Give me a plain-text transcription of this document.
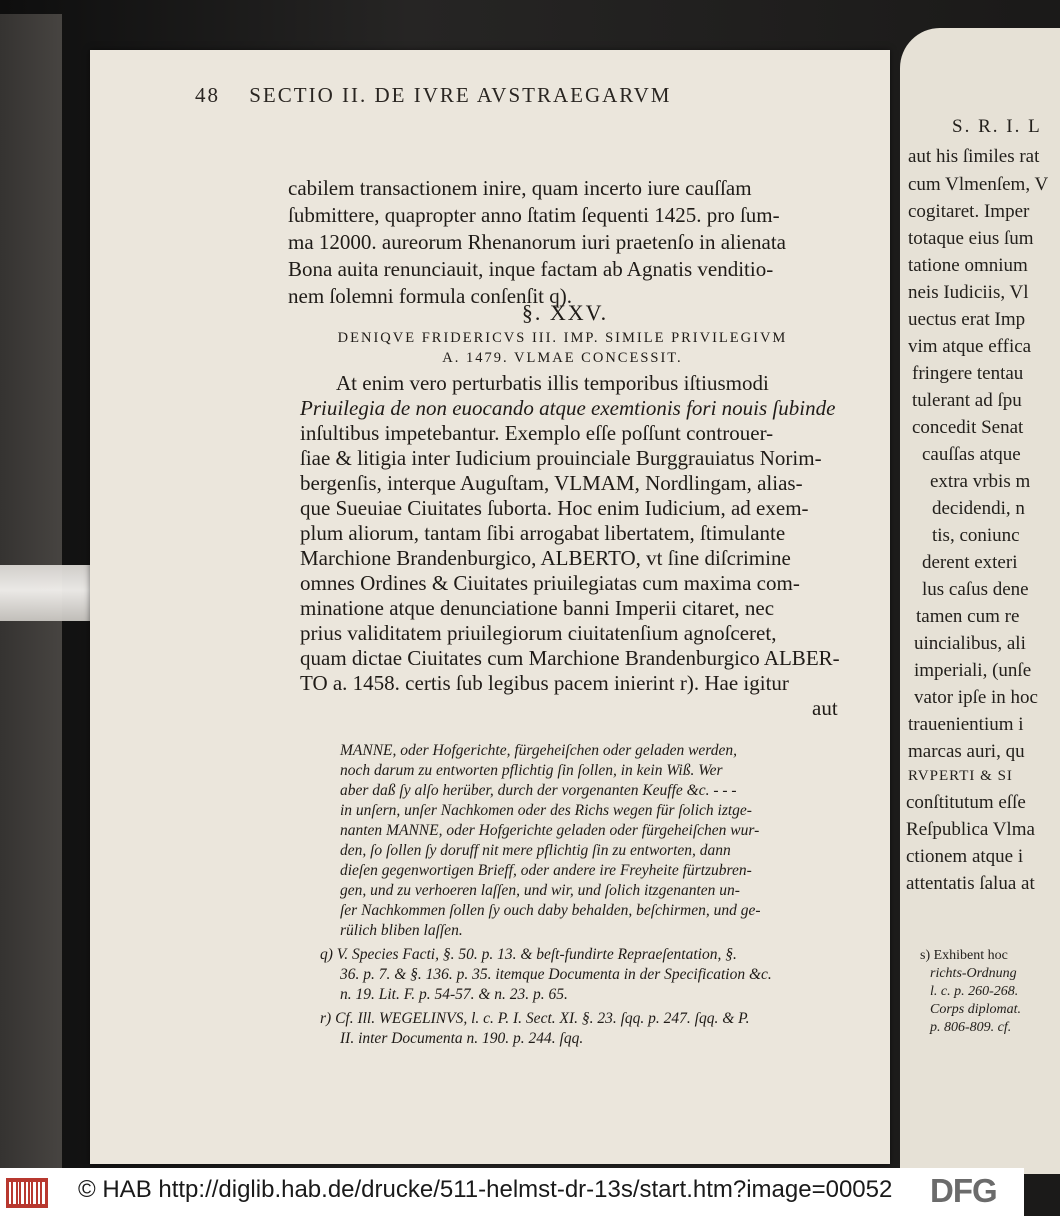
48 SECTIO II. DE IVRE AVSTRAEGARVM
cabilem transactionem inire, quam incerto iure cauſſam
ſubmittere, quapropter anno ſtatim ſequenti 1425. pro ſum-
ma 12000. aureorum Rhenanorum iuri praetenſo in alienata
Bona auita renunciauit, inque factam ab Agnatis venditio-
nem ſolemni formula conſenſit q).
§. XXV.
DENIQVE FRIDERICVS III. IMP. SIMILE PRIVILEGIVM
A. 1479. VLMAE CONCESSIT.
At enim vero perturbatis illis temporibus iſtiusmodi
Priuilegia de non euocando atque exemtionis fori nouis ſubinde
inſultibus impetebantur. Exemplo eſſe poſſunt controuer-
ſiae & litigia inter Iudicium prouinciale Burggrauiatus Norim-
bergenſis, interque Auguſtam, VLMAM, Nordlingam, alias-
que Sueuiae Ciuitates ſuborta. Hoc enim Iudicium, ad exem-
plum aliorum, tantam ſibi arrogabat libertatem, ſtimulante
Marchione Brandenburgico, ALBERTO, vt ſine diſcrimine
omnes Ordines & Ciuitates priuilegiatas cum maxima com-
minatione atque denunciatione banni Imperii citaret, nec
prius validitatem priuilegiorum ciuitatenſium agnoſceret,
quam dictae Ciuitates cum Marchione Brandenburgico ALBER-
TO a. 1458. certis ſub legibus pacem inierint r). Hae igitur
aut
MANNE, oder Hofgerichte, fürgeheiſchen oder geladen werden,
noch darum zu entworten pflichtig ſin ſollen, in kein Wiß. Wer
aber daß ſy alſo herüber, durch der vorgenanten Keuffe &c. - - -
in unſern, unſer Nachkomen oder des Richs wegen für ſolich iztge-
nanten MANNE, oder Hofgerichte geladen oder fürgeheiſchen wur-
den, ſo ſollen ſy doruff nit mere pflichtig ſin zu entworten, dann
dieſen gegenwortigen Brieff, oder andere ire Freyheite fürtzubren-
gen, und zu verhoeren laſſen, und wir, und ſolich itzgenanten un-
ſer Nachkommen ſollen ſy ouch daby behalden, beſchirmen, und ge-
rülich bliben laſſen.
q) V. Species Facti, §. 50. p. 13. & beſt-fundirte Repraeſentation, §.
36. p. 7. & §. 136. p. 35. itemque Documenta in der Specification &c.
n. 19. Lit. F. p. 54-57. & n. 23. p. 65.
r) Cf. Ill. WEGELINVS, l. c. P. I. Sect. XI. §. 23. ſqq. p. 247. ſqq. & P.
II. inter Documenta n. 190. p. 244. ſqq.
S. R. I. L
aut his ſimiles rat
cum Vlmenſem, V
cogitaret. Imper
totaque eius ſum
tatione omnium
neis Iudiciis, Vl
uectus erat Imp
vim atque effica
fringere tentau
tulerant ad ſpu
concedit Senat
cauſſas atque
extra vrbis m
decidendi, n
tis, coniunc
derent exteri
lus caſus dene
tamen cum re
uincialibus, ali
imperiali, (unſe
vator ipſe in hoc
trauenientium i
marcas auri, qu
RVPERTI & SI
conſtitutum eſſe
Reſpublica Vlma
ctionem atque i
attentatis ſalua at
s) Exhibent hoc
richts-Ordnung
l. c. p. 260-268.
Corps diplomat.
p. 806-809. cf.
© HAB http://diglib.hab.de/drucke/511-helmst-dr-13s/start.htm?image=00052 DFG
